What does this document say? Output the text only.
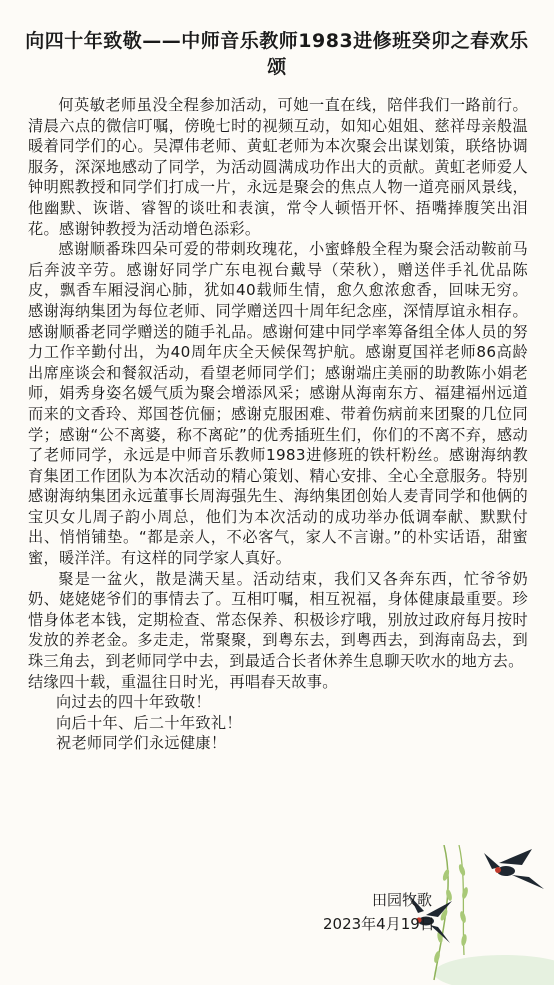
向四十年致敬——中师音乐教师1983进修班癸卯之春欢乐颂

何英敏老师虽没全程参加活动，可她一直在线，陪伴我们一路前行。清晨六点的微信叮嘱，傍晚七时的视频互动，如知心姐姐、慈祥母亲般温暖着同学们的心。吴潭伟老师、黄虹老师为本次聚会出谋划策，联络协调服务，深深地感动了同学，为活动圆满成功作出大的贡献。黄虹老师爱人钟明熙教授和同学们打成一片，永远是聚会的焦点人物一道亮丽风景线，他幽默、诙谐、睿智的谈吐和表演，常令人顿悟开怀、捂嘴捧腹笑出泪花。感谢钟教授为活动增色添彩。

感谢顺番珠四朵可爱的带刺玫瑰花，小蜜蜂般全程为聚会活动鞍前马后奔波辛劳。感谢好同学广东电视台戴导（荣秋），赠送伴手礼优品陈皮，飘香车厢浸润心肺，犹如40载师生情，愈久愈浓愈香，回味无穷。感谢海纳集团为每位老师、同学赠送四十周年纪念座，深情厚谊永相存。感谢顺番老同学赠送的随手礼品。感谢何建中同学率筹备组全体人员的努力工作辛勤付出，为40周年庆全天候保驾护航。感谢夏国祥老师86高龄出席座谈会和餐叙活动，看望老师同学们；感谢端庄美丽的助教陈小娟老师，娟秀身姿名媛气质为聚会增添风采；感谢从海南东方、福建福州远道而来的文香玲、郑国苍伉俪；感谢克服困难、带着伤病前来团聚的几位同学；感谢“公不离婆，称不离砣”的优秀插班生们，你们的不离不弃，感动了老师同学，永远是中师音乐教师1983进修班的铁杆粉丝。感谢海纳教育集团工作团队为本次活动的精心策划、精心安排、全心全意服务。特别感谢海纳集团永远董事长周海强先生、海纳集团创始人麦青同学和他俩的宝贝女儿周子韵小周总，他们为本次活动的成功举办低调奉献、默默付出、悄悄铺垫。“都是亲人，不必客气，家人不言谢。”的朴实话语，甜蜜蜜，暖洋洋。有这样的同学家人真好。

聚是一盆火，散是满天星。活动结束，我们又各奔东西，忙爷爷奶奶、姥姥姥爷们的事情去了。互相叮嘱，相互祝福，身体健康最重要。珍惜身体老本钱，定期检查、常态保养、积极诊疗哦，别放过政府每月按时发放的养老金。多走走，常聚聚，到粤东去，到粤西去，到海南岛去，到珠三角去，到老师同学中去，到最适合长者休养生息聊天吹水的地方去。

结缘四十载，重温往日时光，再唱春天故事。

向过去的四十年致敬！

向后十年、后二十年致礼！

祝老师同学们永远健康！

田园牧歌
2023年4月19日
